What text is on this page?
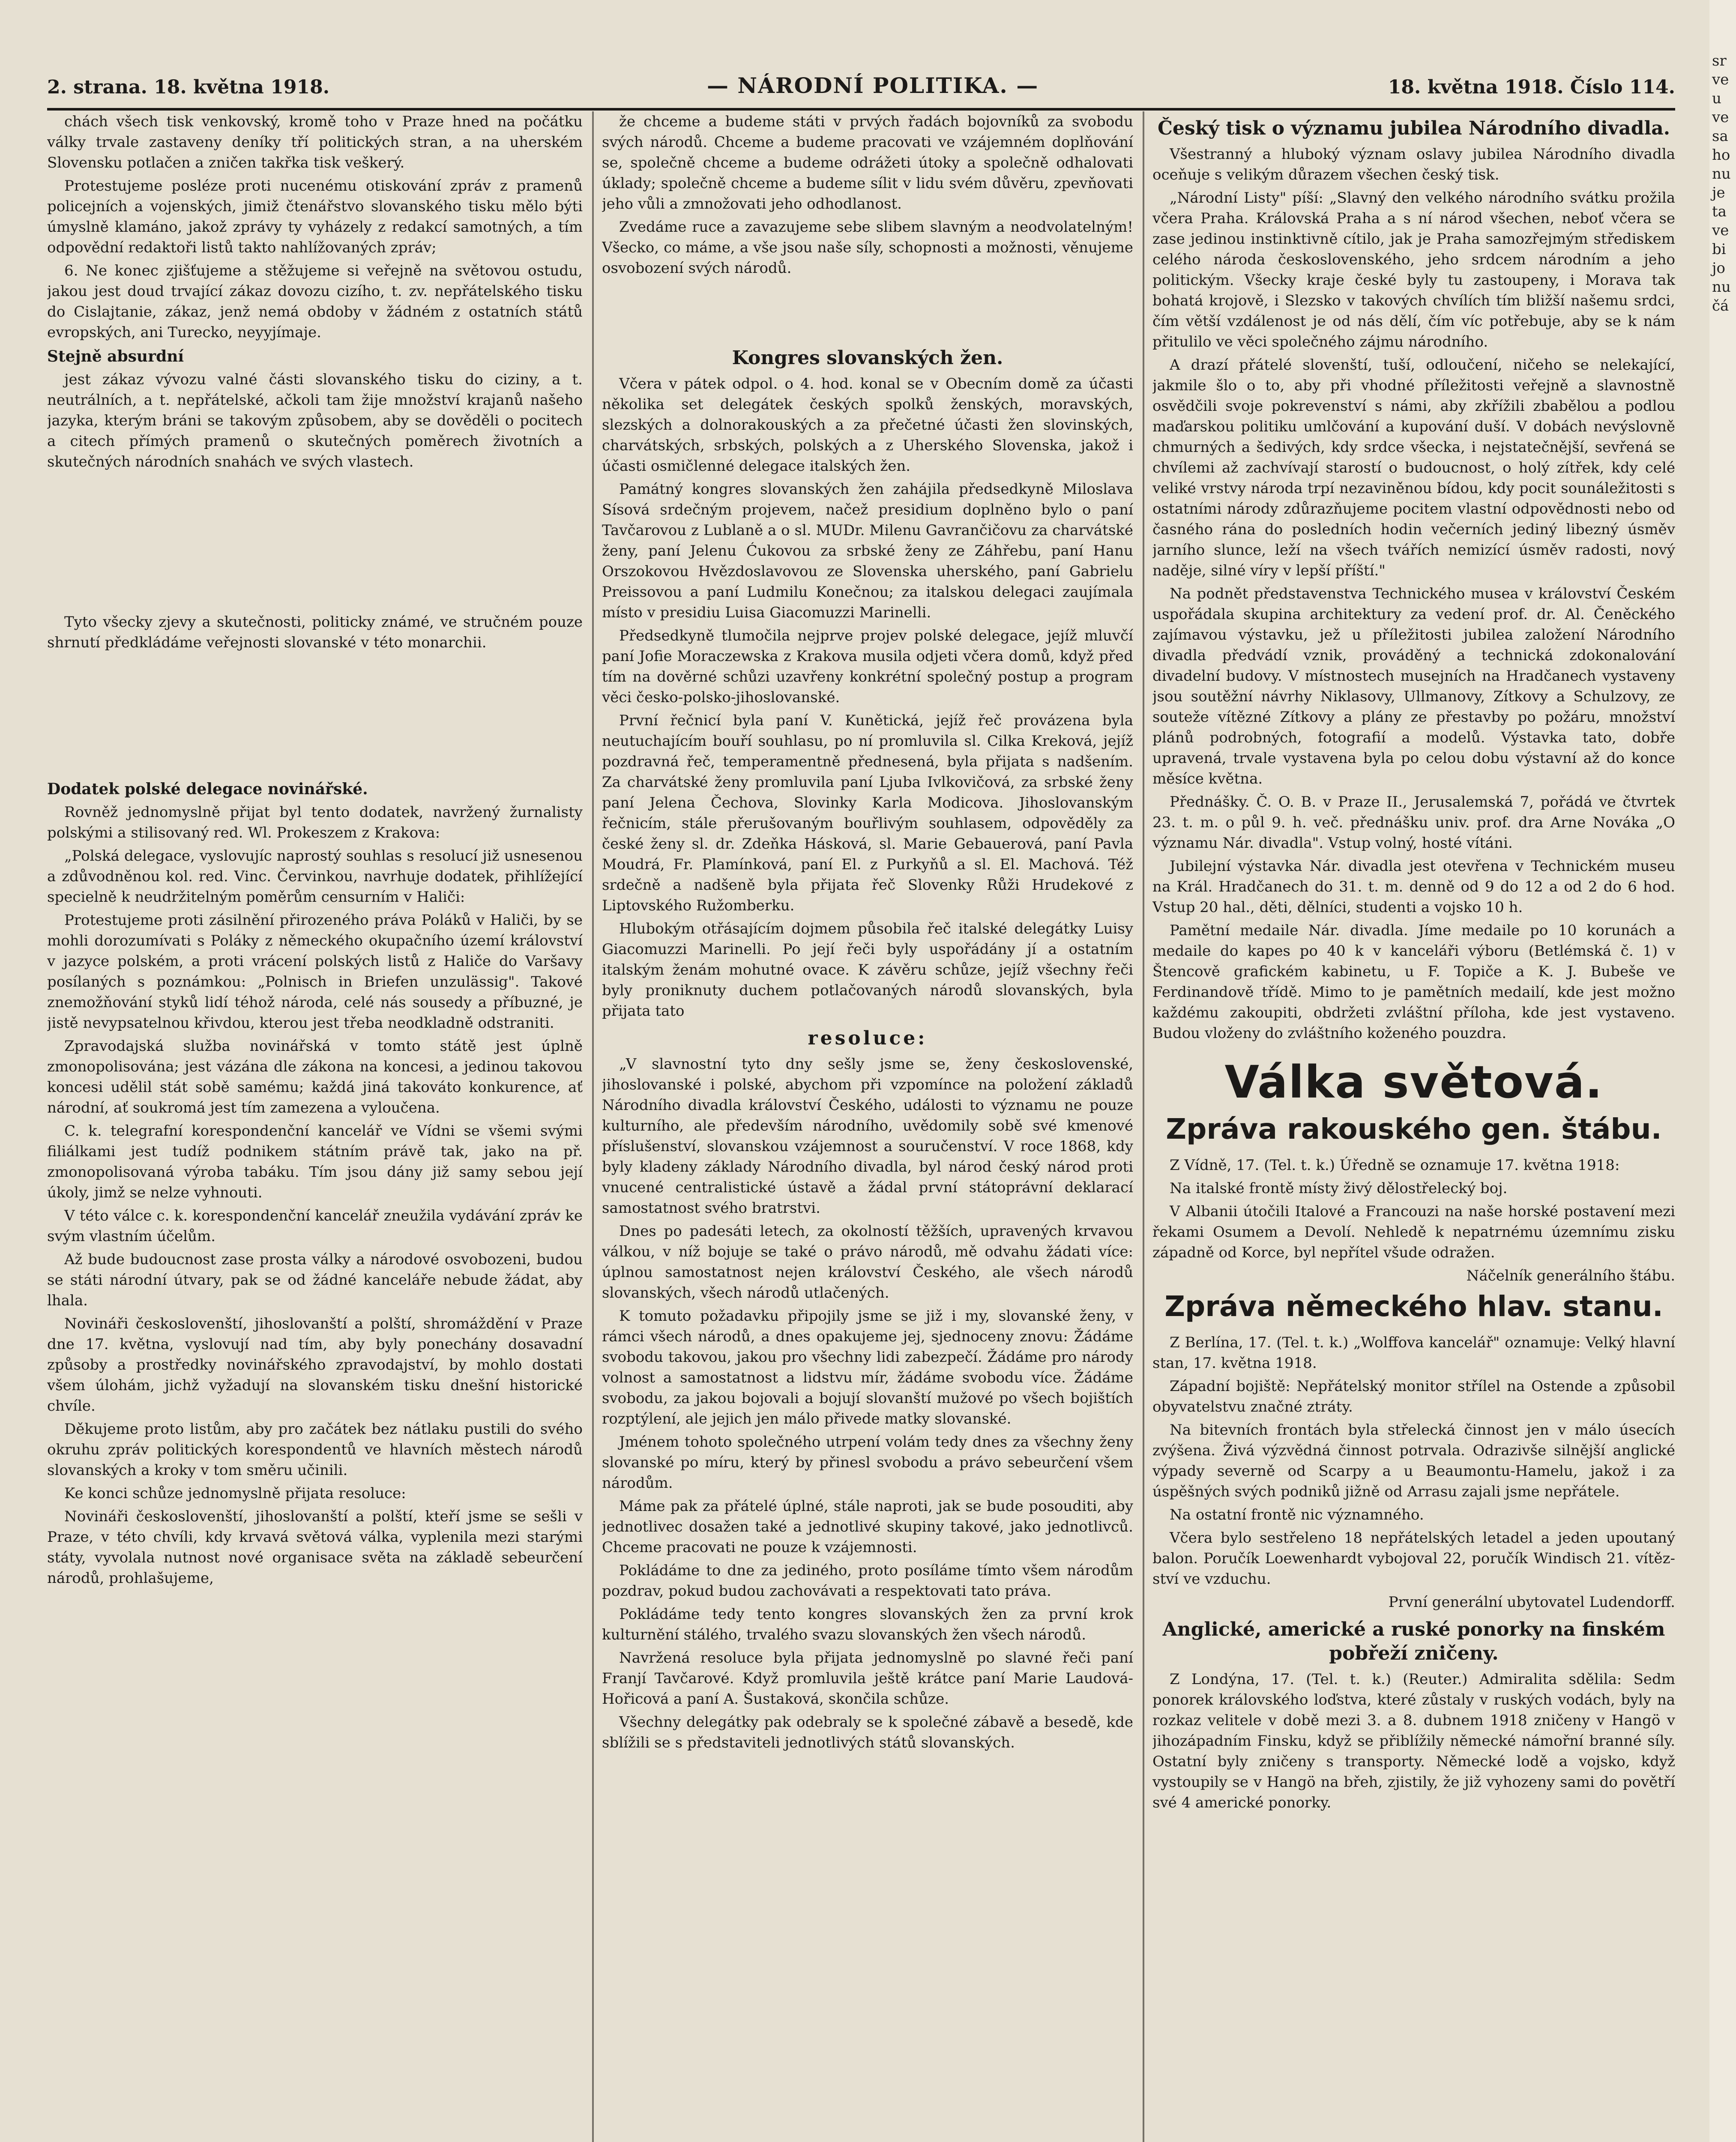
2. strana. 18. května 1918.	— NÁRODNÍ POLITIKA. —	18. května 1918. Číslo 114.

chách všech tisk venkovský, kromě toho v Praze hned na počátku války trvale zastaveny deníky tří politických stran, a na uherském Slovensku potlačen a zničen takřka tisk veškerý.

Protestujeme posléze proti nucenému otiskování zpráv z pramenů policejních a vojenských, jimiž čtenářstvo slovanského tisku mělo býti úmyslně klamáno, jakož zprávy ty vyházely z redakcí samotných, a tím odpovědní redaktoři listů takto nahlížovaných zpráv;

6. Ne konec zjišťujeme a stěžujeme si veřejně na světovou ostudu, jakou jest doud trvající zákaz dovozu cizího, t. zv. nepřátelského tisku do Cislajtanie, zákaz, jenž nemá obdoby v žádném z ostatních států evropských, ani Turecko, neyyjímaje.

Stejně absurdní

jest zákaz vývozu valné části slovanského tisku do ciziny, a t. neutrálních, a t. nepřátelské, ačkoli tam žije množství krajanů našeho jazyka, kterým bráni se takovým způsobem, aby se dověděli o pocitech a citech přímých pramenů o skutečných poměrech životních a skutečných národních snahách ve svých vlastech.

Tyto všecky zjevy a skutečnosti, politicky známé, ve stručném pouze shrnutí předkládáme veřejnosti slovanské v této monarchii.

Dodatek polské delegace novinářské.

Rovněž jednomyslně přijat byl tento dodatek, navržený žurnalisty polskými a stilisovaný red. Wl. Prokeszem z Krakova:

„Polská delegace, vyslovujíc naprostý souhlas s resolucí již usnesenou a zdůvodněnou kol. red. Vinc. Červinkou, navrhuje dodatek, přihlížející specielně k neudržitelným poměrům censurním v Haliči:

Protestujeme proti zásilnění přirozeného práva Poláků v Haliči, by se mohli dorozumívati s Poláky z německého okupačního území království v jazyce polském, a proti vrácení polských listů z Haliče do Varšavy posílaných s poznámkou: „Polnisch in Briefen unzulässig". Takové znemožňování styků lidí téhož národa, celé nás sousedy a příbuzné, je jistě nevypsatelnou křivdou, kterou jest třeba neodkladně odstraniti.

Zpravodajská služba novinářská v tomto státě jest úplně zmonopolisována; jest vázána dle zákona na koncesi, a jedinou takovou koncesi udělil stát sobě samému; každá jiná takováto konkurence, ať národní, ať soukromá jest tím zamezena a vyloučena.

C. k. telegrafní korespondenční kancelář ve Vídni se všemi svými filiálkami jest tudíž podnikem státním právě tak, jako na př. zmonopolisovaná výroba tabáku. Tím jsou dány již samy sebou její úkoly, jimž se nelze vyhnouti.

V této válce c. k. korespondenční kancelář zneužila vydávání zpráv ke svým vlastním účelům.

Až bude budoucnost zase prosta války a národové osvobozeni, budou se státi národní útvary, pak se od žádné kanceláře nebude žádat, aby lhala.

Novináři českoslovenští, jihoslovanští a polští, shromáždění v Praze dne 17. května, vyslovují nad tím, aby byly ponechány dosavadní způsoby a prostředky novinářského zpravodajství, by mohlo dostati všem úlohám, jichž vyžadují na slovanském tisku dnešní historické chvíle.

Děkujeme proto listům, aby pro začátek bez nátlaku pustili do svého okruhu zpráv politických korespondentů ve hlavních městech národů slovanských a kroky v tom směru učinili.

Ke konci schůze jednomyslně přijata resoluce:

Novináři českoslovenští, jihoslovanští a polští, kteří jsme se sešli v Praze, v této chvíli, kdy krvavá světová válka, vyplenila mezi starými státy, vyvolala nutnost nové organisace světa na základě sebeurčení národů, prohlašujeme,

že chceme a budeme státi v prvých řadách bojovníků za svobodu svých národů. Chceme a budeme pracovati ve vzájemném doplňování se, společně chceme a budeme odrážeti útoky a společně odhalovati úklady; společně chceme a budeme sílit v lidu svém důvěru, zpevňovati jeho vůli a zmnožovati jeho odhodlanost.

Zvedáme ruce a zavazujeme sebe slibem slavným a neodvolatelným! Všecko, co máme, a vše jsou naše síly, schopnosti a možnosti, věnujeme osvobození svých národů.

Kongres slovanských žen.

Včera v pátek odpol. o 4. hod. konal se v Obecním domě za účasti několika set delegátek českých spolků ženských, moravských, slezských a dolnorakouských a za přečetné účasti žen slovinských, charvátských, srbských, polských a z Uherského Slovenska, jakož i účasti osmičlenné delegace italských žen.

Památný kongres slovanských žen zahájila předsedkyně Miloslava Sísová srdečným projevem, načež presidium doplněno bylo o paní Tavčarovou z Lublaně a o sl. MUDr. Milenu Gavrančičovu za charvátské ženy, paní Jelenu Ćukovou za srbské ženy ze Záhřebu, paní Hanu Orszokovou Hvězdoslavovou ze Slovenska uherského, paní Gabrielu Preissovou a paní Ludmilu Konečnou; za italskou delegaci zaujímala místo v presidiu Luisa Giacomuzzi Marinelli.

Předsedkyně tlumočila nejprve projev polské delegace, jejíž mluvčí paní Jofie Moraczewska z Krakova musila odjeti včera domů, když před tím na dověrné schůzi uzavřeny konkrétní společný postup a program věci česko-polsko-jihoslovanské.

První řečnicí byla paní V. Kunětická, jejíž řeč provázena byla neutuchajícím bouří souhlasu, po ní promluvila sl. Cilka Kreková, jejíž pozdravná řeč, temperamentně přednesená, byla přijata s nadšením. Za charvátské ženy promluvila paní Ljuba Ivlkovičová, za srbské ženy paní Jelena Čechova, Slovinky Karla Modicova. Jihoslovanským řečnicím, stále přerušovaným bouřlivým souhlasem, odpověděly za české ženy sl. dr. Zdeňka Hásková, sl. Marie Gebauerová, paní Pavla Moudrá, Fr. Plamínková, paní El. z Purkyňů a sl. El. Machová. Též srdečně a nadšeně byla přijata řeč Slovenky Růži Hrudekové z Liptovského Ružomberku.

Hlubokým otřásajícím dojmem působila řeč italské delegátky Luisy Giacomuzzi Marinelli. Po její řeči byly uspořádány jí a ostatním italským ženám mohutné ovace. K závěru schůze, jejíž všechny řeči byly proniknuty duchem potlačovaných národů slovanských, byla přijata tato

resoluce:

„V slavnostní tyto dny sešly jsme se, ženy československé, jihoslovanské i polské, abychom při vzpomínce na položení základů Národního divadla království Českého, události to významu ne pouze kulturního, ale především národního, uvědomily sobě své kmenové příslušenství, slovanskou vzájemnost a souručenství. V roce 1868, kdy byly kladeny základy Národního divadla, byl národ český národ proti vnucené centralistické ústavě a žádal první státoprávní deklarací samostatnost svého bratrstvi.

Dnes po padesáti letech, za okolností těžších, upravených krvavou válkou, v níž bojuje se také o právo národů, mě odvahu žádati více: úplnou samostatnost nejen království Českého, ale všech národů slovanských, všech národů utlačených.

K tomuto požadavku připojily jsme se již i my, slovanské ženy, v rámci všech národů, a dnes opakujeme jej, sjednoceny znovu: Žádáme svobodu takovou, jakou pro všechny lidi zabezpečí. Žádáme pro národy volnost a samostatnost a lidstvu mír, žádáme svobodu více. Žádáme svobodu, za jakou bojovali a bojují slovanští mužové po všech bojištích rozptýlení, ale jejich jen málo přivede matky slovanské.

Jménem tohoto společného utrpení volám tedy dnes za všechny ženy slovanské po míru, který by přinesl svobodu a právo sebeurčení všem národům.

Máme pak za přátelé úplné, stále naproti, jak se bude posouditi, aby jednotlivec dosažen také a jednotlivé skupiny takové, jako jednotlivců. Chceme pracovati ne pouze k vzájemnosti.

Pokládáme to dne za jediného, proto posíláme tímto všem národům pozdrav, pokud budou zachovávati a respektovati tato práva.

Pokládáme tedy tento kongres slovanských žen za první krok kulturnění stálého, trvalého svazu slovanských žen všech národů.

Navržená resoluce byla přijata jednomyslně po slavné řeči paní Franjí Tavčarové. Když promluvila ještě krátce paní Marie Laudová-Hořicová a paní A. Šustaková, skončila schůze.

Všechny delegátky pak odebraly se k společné zábavě a besedě, kde sblížili se s představiteli jednotlivých států slovanských.

Český tisk o významu jubilea Národního divadla.

Všestranný a hluboký význam oslavy jubilea Národního divadla oceňuje s velikým důrazem všechen český tisk.

„Národní Listy" píší: „Slavný den velkého národního svátku prožila včera Praha. Královská Praha a s ní národ všechen, neboť včera se zase jedinou instinktivně cítilo, jak je Praha samozřejmým střediskem celého národa československého, jeho srdcem národním a jeho politickým. Všecky kraje české byly tu zastoupeny, i Morava tak bohatá krojově, i Slezsko v takových chvílích tím bližší našemu srdci, čím větší vzdálenost je od nás dělí, čím víc potřebuje, aby se k nám přitulilo ve věci společného zájmu národního.

A drazí přátelé slovenští, tuší, odloučení, ničeho se nelekající, jakmile šlo o to, aby při vhodné příležitosti veřejně a slavnostně osvědčili svoje pokrevenství s námi, aby zkřížili zbabělou a podlou maďarskou politiku umlčování a kupování duší. V dobách nevýslovně chmurných a šedivých, kdy srdce všecka, i nejstatečnější, sevřená se chvílemi až zachvívají starostí o budoucnost, o holý zítřek, kdy celé veliké vrstvy národa trpí nezaviněnou bídou, kdy pocit sounáležitosti s ostatními národy zdůrazňujeme pocitem vlastní odpovědnosti nebo od časného rána do posledních hodin večerních jediný libezný úsměv jarního slunce, leží na všech tvářích nemizící úsměv radosti, nový naděje, silné víry v lepší příští."

Na podnět představenstva Technického musea v království Českém uspořádala skupina architektury za vedení prof. dr. Al. Čeněckého zajímavou výstavku, jež u příležitosti jubilea založení Národního divadla předvádí vznik, prováděný a technická zdokonalování divadelní budovy. V místnostech musejních na Hradčanech vystaveny jsou soutěžní návrhy Niklasovy, Ullmanovy, Zítkovy a Schulzovy, ze souteže vítězné Zítkovy a plány ze přestavby po požáru, množství plánů podrobných, fotografií a modelů. Výstavka tato, dobře upravená, trvale vystavena byla po celou dobu výstavní až do konce měsíce května.

Přednášky. Č. O. B. v Praze II., Jerusalemská 7, pořádá ve čtvrtek 23. t. m. o půl 9. h. več. přednášku univ. prof. dra Arne Nováka „O významu Nár. divadla". Vstup volný, hosté vítáni.

Jubilejní výstavka Nár. divadla jest otevřena v Technickém museu na Král. Hradčanech do 31. t. m. denně od 9 do 12 a od 2 do 6 hod. Vstup 20 hal., děti, dělníci, studenti a vojsko 10 h.

Pamětní medaile Nár. divadla. Jíme medaile po 10 korunách a medaile do kapes po 40 k v kanceláři výboru (Betlémská č. 1) v Štencově grafickém kabinetu, u F. Topiče a K. J. Bubeše ve Ferdinandově třídě. Mimo to je pamětních medailí, kde jest možno každému zakoupiti, obdržeti zvláštní příloha, kde jest vystaveno. Budou vloženy do zvláštního koženého pouzdra.

Válka světová.
Zpráva rakouského gen. štábu.

Z Vídně, 17. (Tel. t. k.) Úředně se oznamuje 17. května 1918:

Na italské frontě místy živý dělostřelecký boj.

V Albanii útočili Italové a Francouzi na naše horské postavení mezi řekami Osumem a Devolí. Nehledě k nepatrnému územnímu zisku západně od Korce, byl nepřítel všude odražen.

Náčelník generálního štábu.

Zpráva německého hlav. stanu.

Z Berlína, 17. (Tel. t. k.) „Wolffova kancelář" oznamuje: Velký hlavní stan, 17. května 1918.

Západní bojiště: Nepřátelský monitor střílel na Ostende a způsobil obyvatelstvu značné ztráty.

Na bitevních frontách byla střelecká činnost jen v málo úsecích zvýšena. Živá výzvědná činnost potrvala. Odrazivše silnější anglické výpady severně od Scarpy a u Beaumontu-Hamelu, jakož i za úspěšných svých podniků jižně od Arrasu zajali jsme nepřátele.

Na ostatní frontě nic významného.

Včera bylo sestřeleno 18 nepřátelských letadel a jeden upoutaný balon. Poručík Loewenhardt vybojoval 22, poručík Windisch 21. vítězství ve vzduchu.

První generální ubytovatel Ludendorff.

Anglické, americké a ruské ponorky na finském pobřeží zničeny.

Z Londýna, 17. (Tel. t. k.) (Reuter.) Admiralita sdělila: Sedm ponorek královského loďstva, které zůstaly v ruských vodách, byly na rozkaz velitele v době mezi 3. a 8. dubnem 1918 zničeny v Hangö v jihozápadním Finsku, když se přiblížily německé námořní branné síly. Ostatní byly zničeny s transporty. Německé lodě a vojsko, když vystoupily se v Hangö na břeh, zjistily, že již vyhozeny sami do povětří své 4 americké ponorky.

sr
ve
u
ve
sa
ho
nu
je
ta
ve
bi
jo
nu
čá
